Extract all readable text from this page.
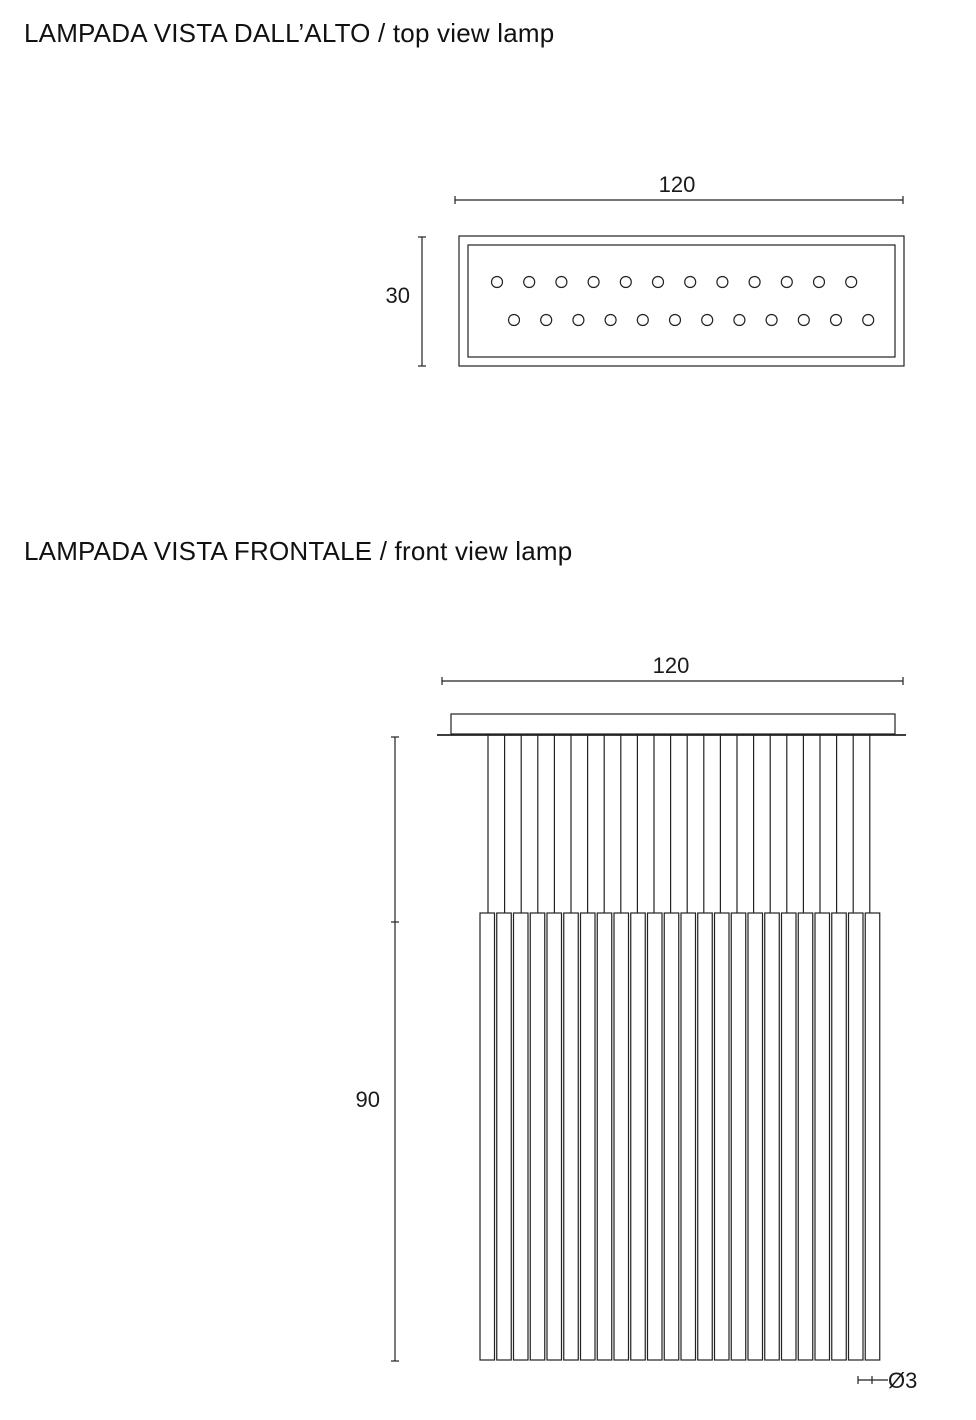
LAMPADA VISTA DALL’ALTO / top view lamp
LAMPADA VISTA FRONTALE / front view lamp
120
30
120
90
Ø3
